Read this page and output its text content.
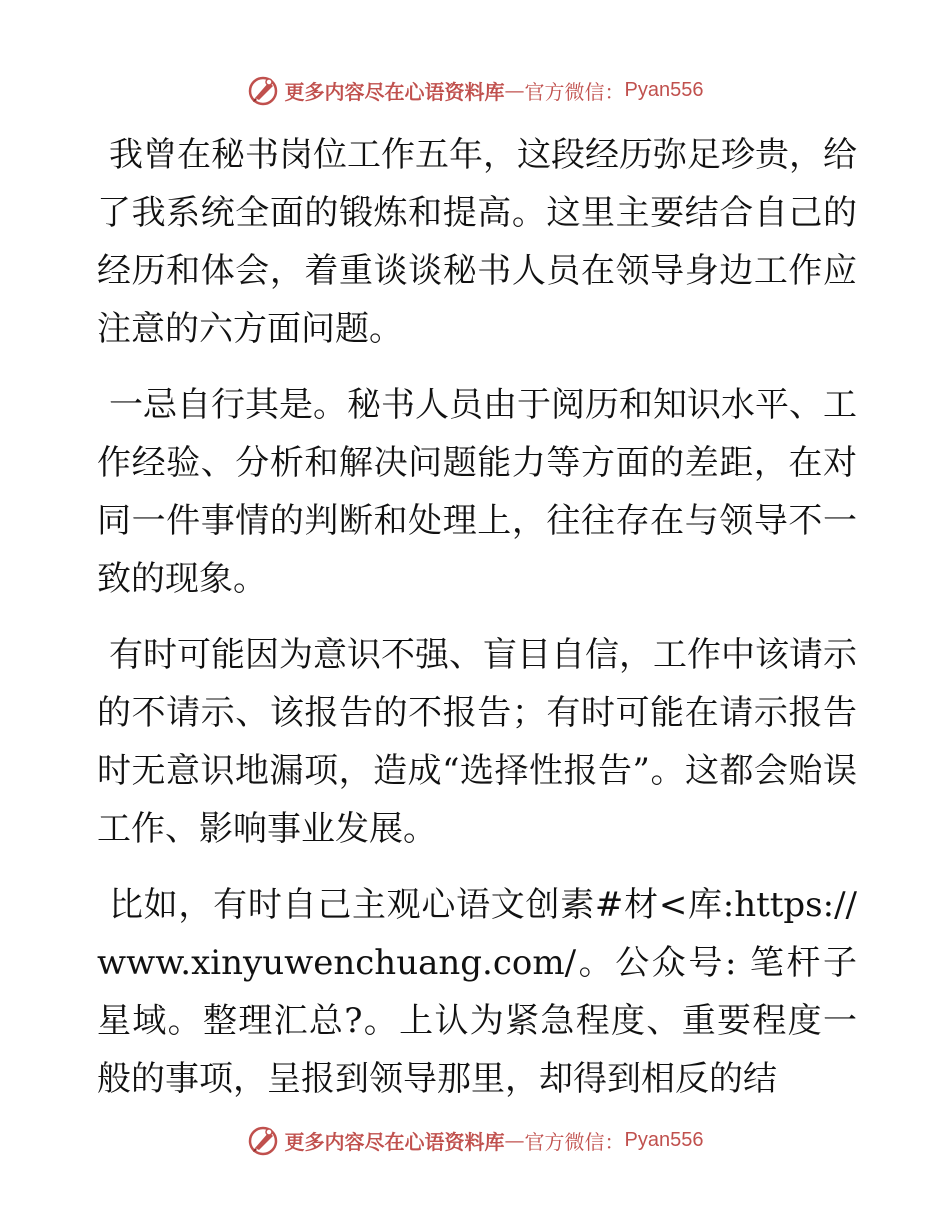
更多内容尽在心语资料库 — 官方微信： Pyan556

我曾在秘书岗位工作五年，这段经历弥足珍贵，给了我系统全面的锻炼和提高。这里主要结合自己的经历和体会，着重谈谈秘书人员在领导身边工作应注意的六方面问题。

一忌自行其是。秘书人员由于阅历和知识水平、工作经验、分析和解决问题能力等方面的差距，在对同一件事情的判断和处理上，往往存在与领导不一致的现象。

有时可能因为意识不强、盲目自信，工作中该请示的不请示、该报告的不报告；有时可能在请示报告时无意识地漏项，造成“选择性报告”。这都会贻误工作、影响事业发展。

比如，有时自己主观心语文创素#材<库:https://www.xinyuwenchuang.com/。公众号: 笔杆子星域。整理汇总?。上认为紧急程度、重要程度一般的事项，呈报到领导那里，却得到相反的结

更多内容尽在心语资料库 — 官方微信： Pyan556
